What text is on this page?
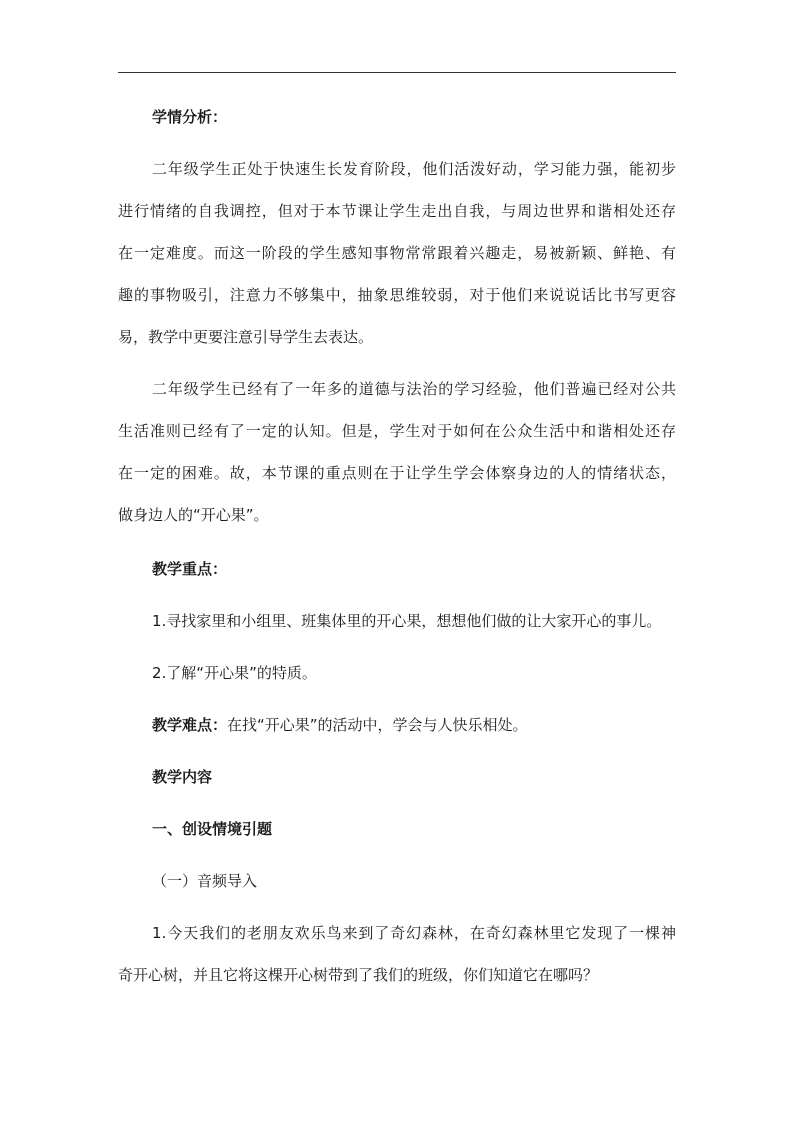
学情分析：
二年级学生正处于快速生长发育阶段，他们活泼好动，学习能力强，能初步
进行情绪的自我调控，但对于本节课让学生走出自我，与周边世界和谐相处还存
在一定难度。而这一阶段的学生感知事物常常跟着兴趣走，易被新颖、鲜艳、有
趣的事物吸引，注意力不够集中，抽象思维较弱，对于他们来说说话比书写更容
易，教学中更要注意引导学生去表达。
二年级学生已经有了一年多的道德与法治的学习经验，他们普遍已经对公共
生活准则已经有了一定的认知。但是，学生对于如何在公众生活中和谐相处还存
在一定的困难。故，本节课的重点则在于让学生学会体察身边的人的情绪状态，
做身边人的“开心果”。
教学重点：
1.寻找家里和小组里、班集体里的开心果，想想他们做的让大家开心的事儿。
2.了解“开心果”的特质。
教学难点：在找“开心果”的活动中，学会与人快乐相处。
教学内容
一、创设情境引题
（一）音频导入
1.今天我们的老朋友欢乐鸟来到了奇幻森林，在奇幻森林里它发现了一棵神
奇开心树，并且它将这棵开心树带到了我们的班级，你们知道它在哪吗？
